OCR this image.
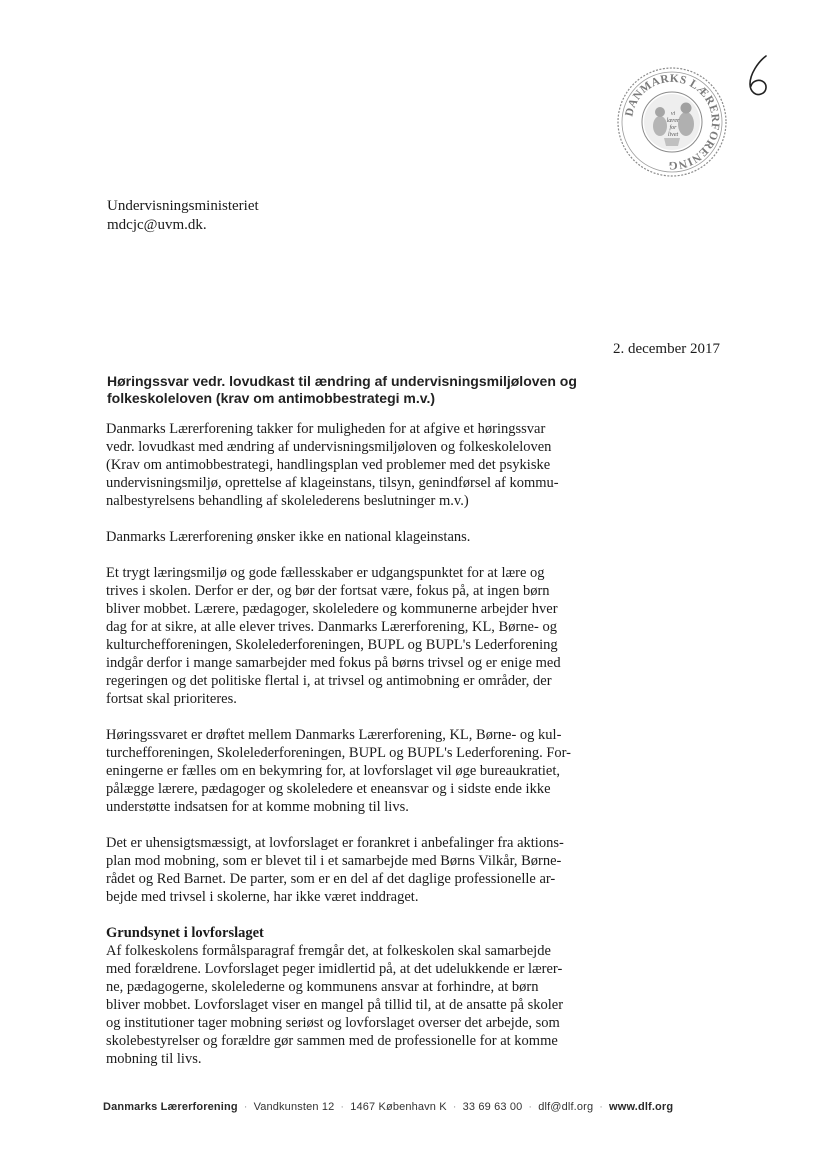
DANMARKS LÆRERFORENING
vi
lærer
for
livet
Undervisningsministeriet
mdcjc@uvm.dk.
2. december 2017
Høringssvar vedr. lovudkast til ændring af undervisningsmiljøloven og folkeskoleloven (krav om antimobbestrategi m.v.)

Danmarks Lærerforening takker for muligheden for at afgive et høringssvar
vedr. lovudkast med ændring af undervisningsmiljøloven og folkeskoleloven
(Krav om antimobbestrategi, handlingsplan ved problemer med det psykiske
undervisningsmiljø, oprettelse af klageinstans, tilsyn, genindførsel af kommu-
nalbestyrelsens behandling af skolelederens beslutninger m.v.)

Danmarks Lærerforening ønsker ikke en national klageinstans.

Et trygt læringsmiljø og gode fællesskaber er udgangspunktet for at lære og
trives i skolen. Derfor er der, og bør der fortsat være, fokus på, at ingen børn
bliver mobbet. Lærere, pædagoger, skoleledere og kommunerne arbejder hver
dag for at sikre, at alle elever trives. Danmarks Lærerforening, KL, Børne- og
kulturchefforeningen, Skolelederforeningen, BUPL og BUPL's Lederforening
indgår derfor i mange samarbejder med fokus på børns trivsel og er enige med
regeringen og det politiske flertal i, at trivsel og antimobning er områder, der
fortsat skal prioriteres.

Høringssvaret er drøftet mellem Danmarks Lærerforening, KL, Børne- og kul-
turchefforeningen, Skolelederforeningen, BUPL og BUPL's Lederforening. For-
eningerne er fælles om en bekymring for, at lovforslaget vil øge bureaukratiet,
pålægge lærere, pædagoger og skoleledere et eneansvar og i sidste ende ikke
understøtte indsatsen for at komme mobning til livs.

Det er uhensigtsmæssigt, at lovforslaget er forankret i anbefalinger fra aktions-
plan mod mobning, som er blevet til i et samarbejde med Børns Vilkår, Børne-
rådet og Red Barnet. De parter, som er en del af det daglige professionelle ar-
bejde med trivsel i skolerne, har ikke været inddraget.

Grundsynet i lovforslaget

Af folkeskolens formålsparagraf fremgår det, at folkeskolen skal samarbejde
med forældrene. Lovforslaget peger imidlertid på, at det udelukkende er lærer-
ne, pædagogerne, skolelederne og kommunens ansvar at forhindre, at børn
bliver mobbet. Lovforslaget viser en mangel på tillid til, at de ansatte på skoler
og institutioner tager mobning seriøst og lovforslaget overser det arbejde, som
skolebestyrelser og forældre gør sammen med de professionelle for at komme
mobning til livs.

Danmarks Lærerforening · Vandkunsten 12 · 1467 København K · 33 69 63 00 · dlf@dlf.org · www.dlf.org
